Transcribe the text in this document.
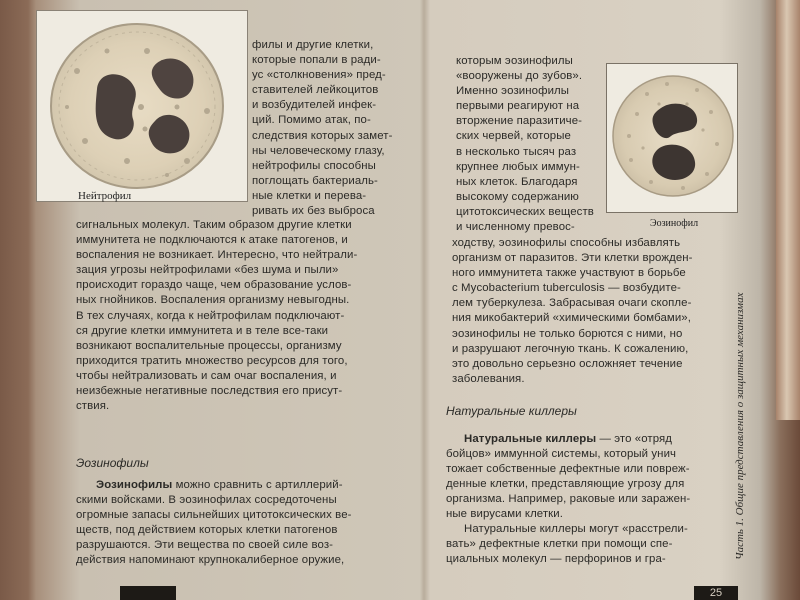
Нейтрофил
филы и другие клетки,
которые попали в ради-
ус «столкновения» пред-
ставителей лейкоцитов
и возбудителей инфек-
ций. Помимо атак, по-
следствия которых замет-
ны человеческому глазу,
нейтрофилы способны
поглощать бактериаль-
ные клетки и перева-
ривать их без выброса
сигнальных молекул. Таким образом другие клетки
иммунитета не подключаются к атаке патогенов, и
воспаления не возникает. Интересно, что нейтрали-
зация угрозы нейтрофилами «без шума и пыли»
происходит гораздо чаще, чем образование услов-
ных гнойников. Воспаления организму невыгодны.
В тех случаях, когда к нейтрофилам подключают-
ся другие клетки иммунитета и в теле все-таки
возникают воспалительные процессы, организму
приходится тратить множество ресурсов для того,
чтобы нейтрализовать и сам очаг воспаления, и
неизбежные негативные последствия его присут-
ствия.
Эозинофилы
Эозинофилы можно сравнить с артиллерий-
скими войсками. В эозинофилах сосредоточены
огромные запасы сильнейших цитотоксических ве-
ществ, под действием которых клетки патогенов
разрушаются. Эти вещества по своей силе воз-
действия напоминают крупнокалиберное оружие,
которым эозинофилы
«вооружены до зубов».
Именно эозинофилы
первыми реагируют на
вторжение паразитиче-
ских червей, которые
в несколько тысяч раз
крупнее любых иммун-
ных клеток. Благодаря
высокому содержанию
цитотоксических веществ
и численному превос-	Эозинофил
ходству, эозинофилы способны избавлять
организм от паразитов. Эти клетки врожден-
ного иммунитета также участвуют в борьбе
с Mycobacterium tuberculosis — возбудите-
лем туберкулеза. Забрасывая очаги скопле-
ния микобактерий «химическими бомбами»,
эозинофилы не только борются с ними, но
и разрушают легочную ткань. К сожалению,
это довольно серьезно осложняет течение
заболевания.
Натуральные киллеры
Натуральные киллеры — это «отряд
бойцов» иммунной системы, который унич
тожает собственные дефектные или повреж-
денные клетки, представляющие угрозу для
организма. Например, раковые или заражен-
ные вирусами клетки.
Натуральные киллеры могут «расстрели-
вать» дефектные клетки при помощи спе-
циальных молекул — перфоринов и гра-	Часть 1. Общие представления о защитных механизмах
25
